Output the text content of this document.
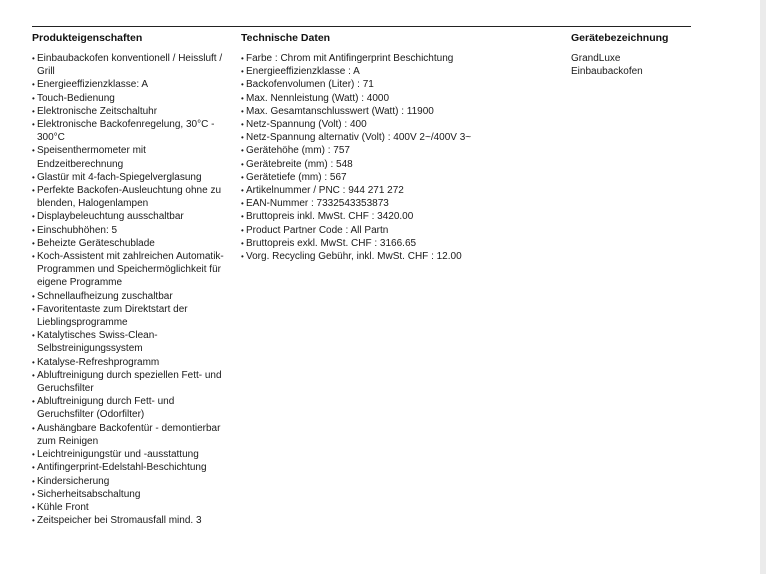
Produkteigenschaften
• Einbaubackofen konventionell / Heissluft / Grill
• Energieeffizienzklasse: A
• Touch-Bedienung
• Elektronische Zeitschaltuhr
• Elektronische Backofenregelung, 30°C - 300°C
• Speisenthermometer mit Endzeitberechnung
• Glastür mit 4-fach-Spiegelverglasung
• Perfekte Backofen-Ausleuchtung ohne zu blenden, Halogenlampen
• Displaybeleuchtung ausschaltbar
• Einschubhöhen: 5
• Beheizte Geräteschublade
• Koch-Assistent mit zahlreichen Automatik-Programmen und Speichermöglichkeit für eigene Programme
• Schnellaufheizung zuschaltbar
• Favoritentaste zum Direktstart der Lieblingsprogramme
• Katalytisches Swiss-Clean-Selbstreinigungssystem
• Katalyse-Refreshprogramm
• Abluftreinigung durch speziellen Fett- und Geruchsfilter
• Abluftreinigung durch Fett- und Geruchsfilter (Odorfilter)
• Aushängbare Backofentür - demontierbar zum Reinigen
• Leichtreinigungstür und -ausstattung
• Antifingerprint-Edelstahl-Beschichtung
• Kindersicherung
• Sicherheitsabschaltung
• Kühle Front
• Zeitspeicher bei Stromausfall mind. 3
Technische Daten
• Farbe : Chrom mit Antifingerprint Beschichtung
• Energieeffizienzklasse : A
• Backofenvolumen (Liter) : 71
• Max. Nennleistung (Watt) : 4000
• Max. Gesamtanschlusswert (Watt) : 11900
• Netz-Spannung (Volt) : 400
• Netz-Spannung alternativ (Volt) : 400V 2~/400V 3~
• Gerätehöhe (mm) : 757
• Gerätebreite (mm) : 548
• Gerätetiefe (mm) : 567
• Artikelnummer / PNC : 944 271 272
• EAN-Nummer : 7332543353873
• Bruttopreis inkl. MwSt. CHF : 3420.00
• Product Partner Code : All Partn
• Bruttopreis exkl. MwSt. CHF : 3166.65
• Vorg. Recycling Gebühr, inkl. MwSt. CHF : 12.00
Gerätebezeichnung
GrandLuxe
Einbaubackofen
